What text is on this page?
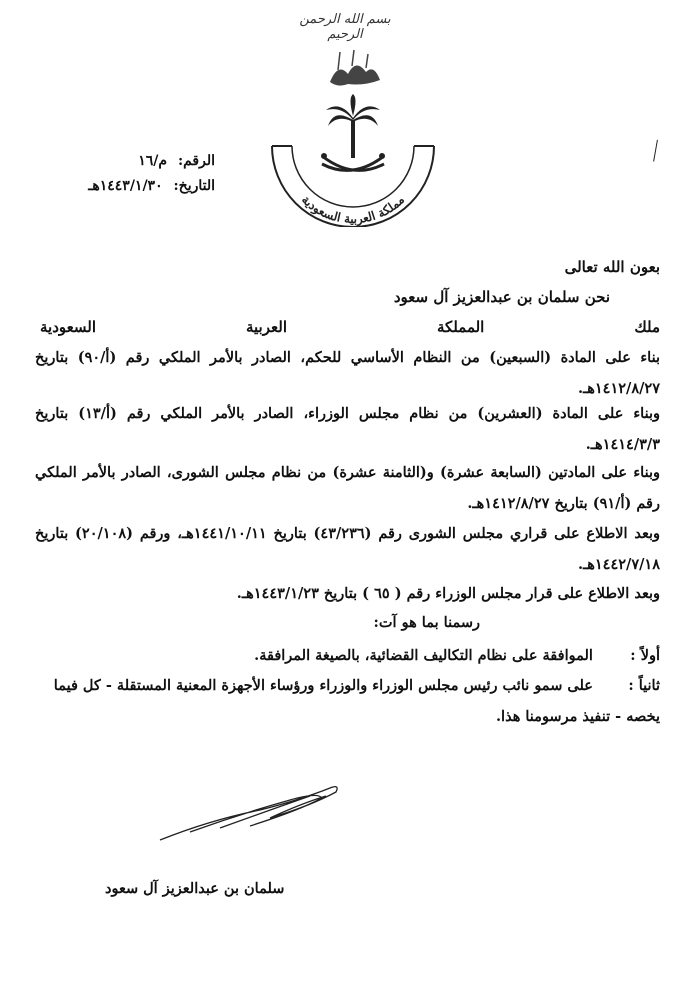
بسم الله الرحمن الرحيم
مملكة العربية السعودية
الرقم: م/١٦
التاريخ: ١٤٤٣/١/٣٠هـ
بعون الله تعالى
نحن سلمان بن عبدالعزيز آل سعود
ملك المملكة العربية السعودية
بناء على المادة (السبعين) من النظام الأساسي للحكم، الصادر بالأمر الملكي رقم (أ/٩٠) بتاريخ ١٤١٢/٨/٢٧هـ.
وبناء على المادة (العشرين) من نظام مجلس الوزراء، الصادر بالأمر الملكي رقم (أ/١٣) بتاريخ ١٤١٤/٣/٣هـ.
وبناء على المادتين (السابعة عشرة) و(الثامنة عشرة) من نظام مجلس الشورى، الصادر بالأمر الملكي رقم (أ/٩١) بتاريخ ١٤١٢/٨/٢٧هـ.
وبعد الاطلاع على قراري مجلس الشورى رقم (٤٣/٢٣٦) بتاريخ ١٤٤١/١٠/١١هـ، ورقم (٢٠/١٠٨) بتاريخ ١٤٤٢/٧/١٨هـ.
وبعد الاطلاع على قرار مجلس الوزراء رقم ( ٦٥ ) بتاريخ ١٤٤٣/١/٢٣هـ.
رسمنا بما هو آت:
أولاً : الموافقة على نظام التكاليف القضائية، بالصيغة المرافقة.
ثانياً : على سمو نائب رئيس مجلس الوزراء والوزراء ورؤساء الأجهزة المعنية المستقلة - كل فيما يخصه - تنفيذ مرسومنا هذا.
سلمان بن عبدالعزيز آل سعود
